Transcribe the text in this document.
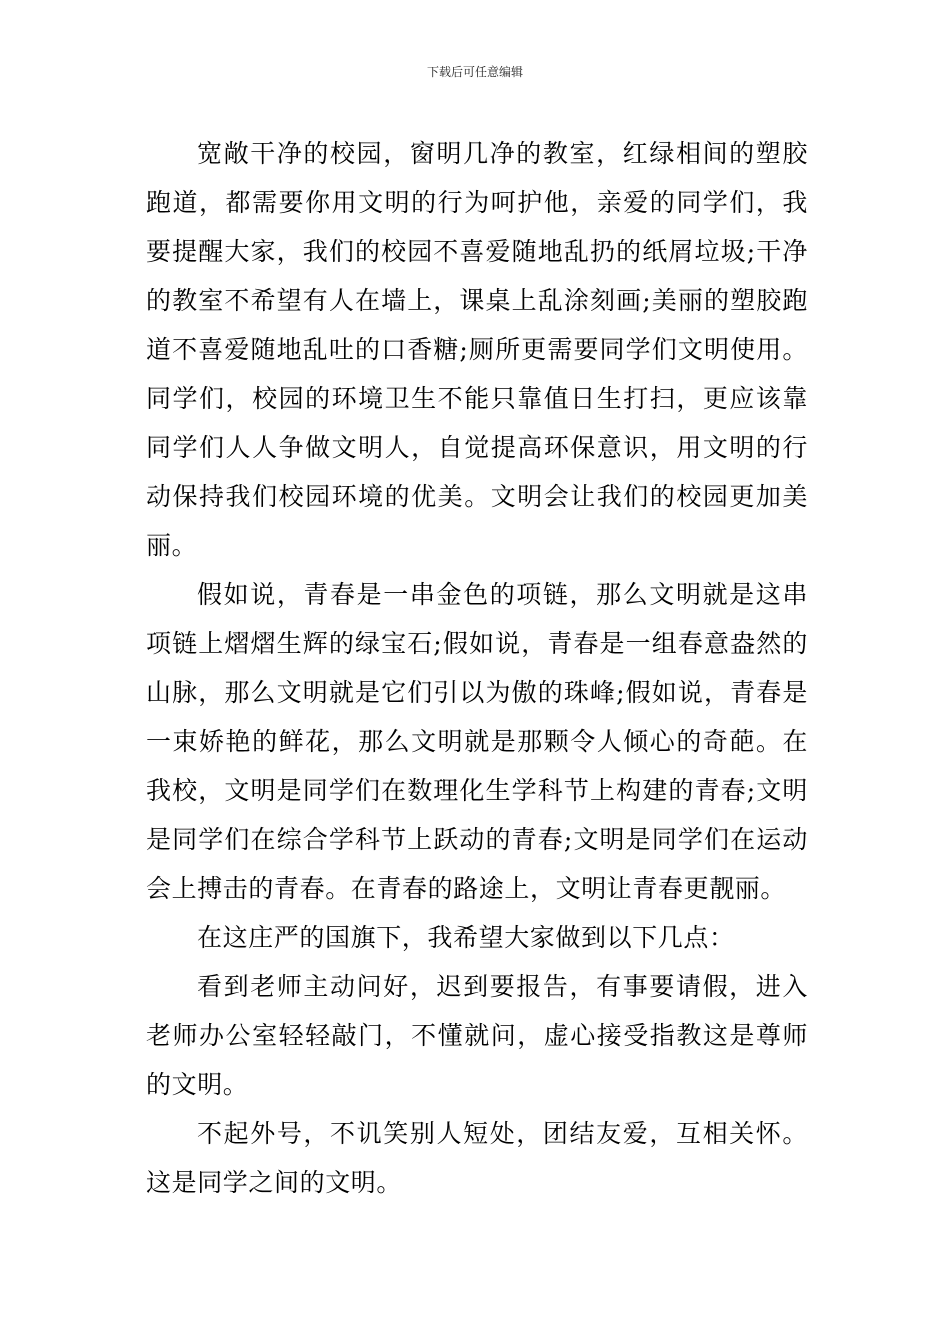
下载后可任意编辑

宽敞干净的校园，窗明几净的教室，红绿相间的塑胶跑道，都需要你用文明的行为呵护他，亲爱的同学们，我要提醒大家，我们的校园不喜爱随地乱扔的纸屑垃圾;干净的教室不希望有人在墙上，课桌上乱涂刻画;美丽的塑胶跑道不喜爱随地乱吐的口香糖;厕所更需要同学们文明使用。同学们，校园的环境卫生不能只靠值日生打扫，更应该靠同学们人人争做文明人，自觉提高环保意识，用文明的行动保持我们校园环境的优美。文明会让我们的校园更加美丽。

假如说，青春是一串金色的项链，那么文明就是这串项链上熠熠生辉的绿宝石;假如说，青春是一组春意盎然的山脉，那么文明就是它们引以为傲的珠峰;假如说，青春是一束娇艳的鲜花，那么文明就是那颗令人倾心的奇葩。在我校，文明是同学们在数理化生学科节上构建的青春;文明是同学们在综合学科节上跃动的青春;文明是同学们在运动会上搏击的青春。在青春的路途上，文明让青春更靓丽。

在这庄严的国旗下，我希望大家做到以下几点：

看到老师主动问好，迟到要报告，有事要请假，进入老师办公室轻轻敲门，不懂就问，虚心接受指教这是尊师的文明。

不起外号，不讥笑别人短处，团结友爱，互相关怀。这是同学之间的文明。
